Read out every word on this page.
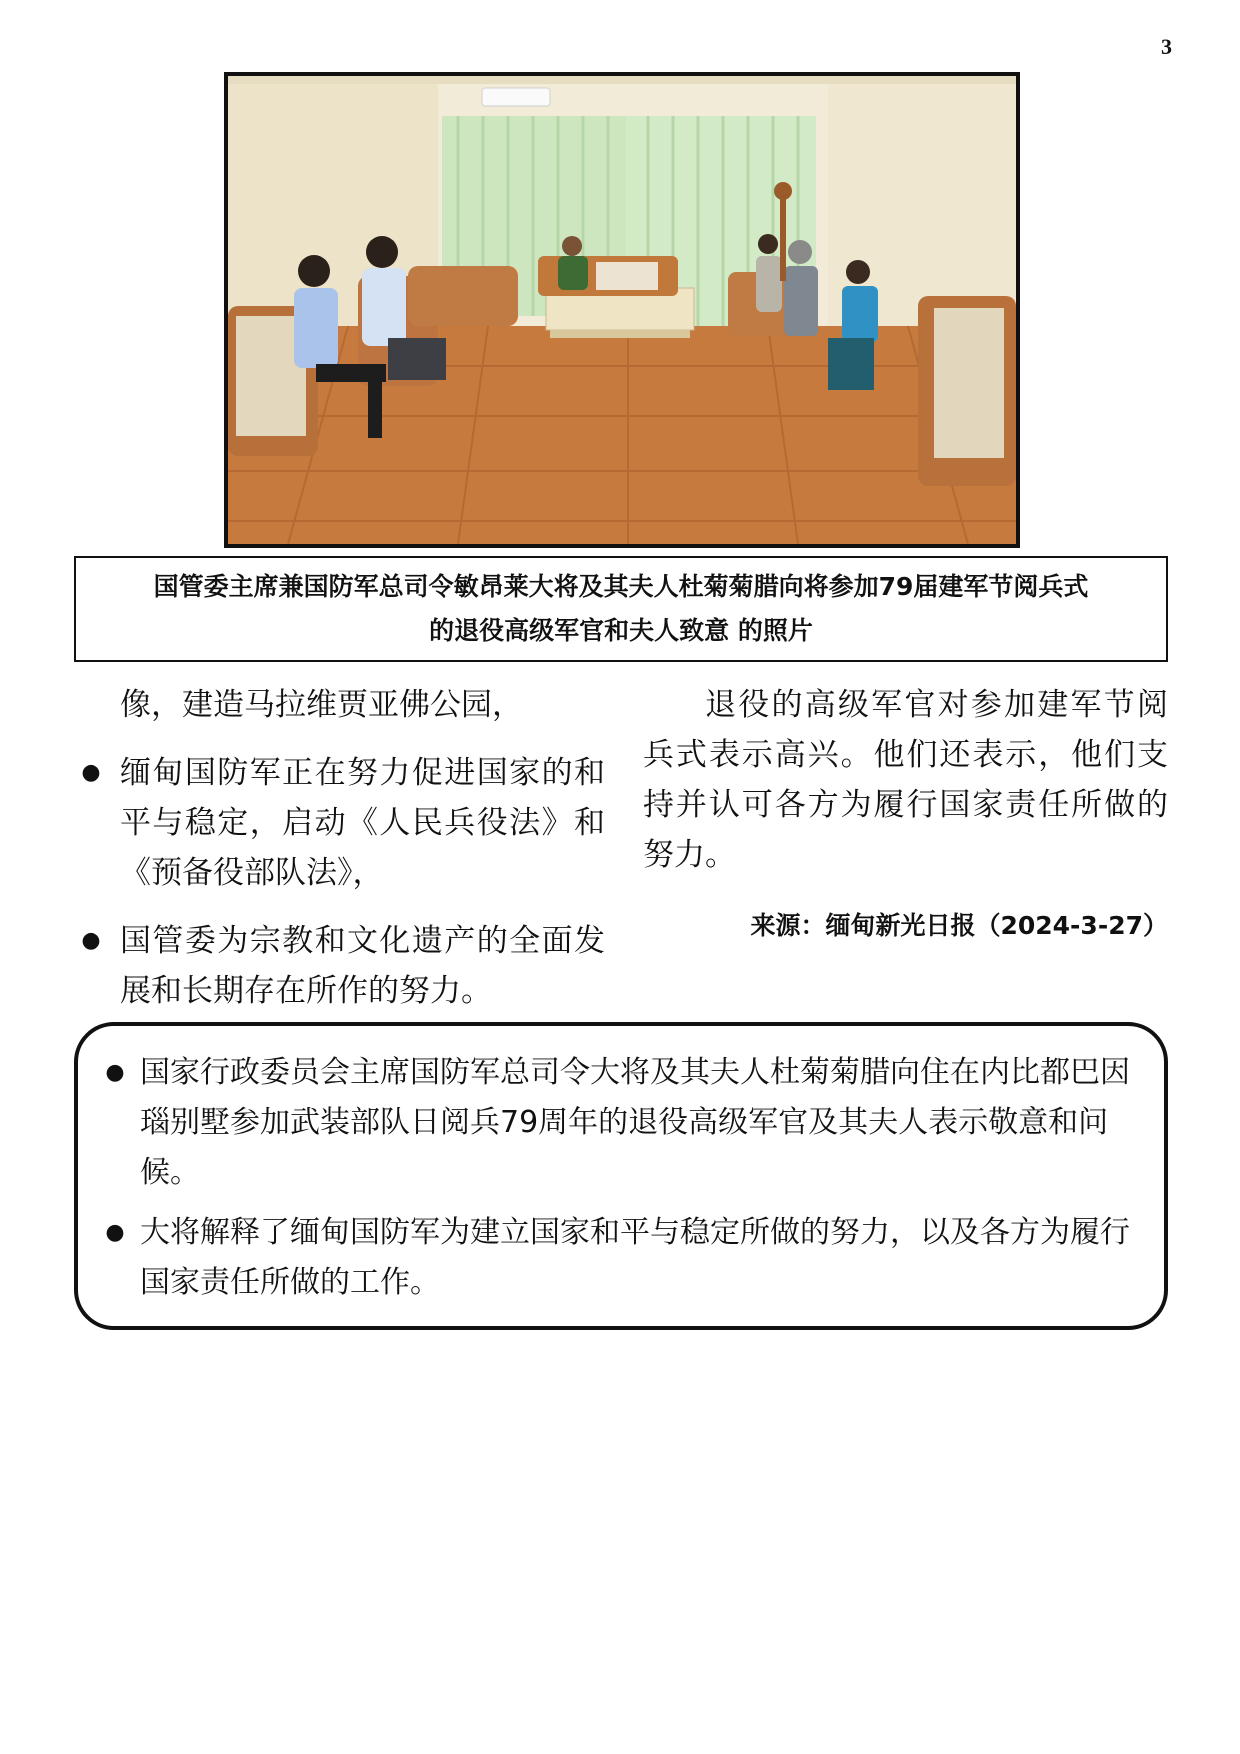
3
国管委主席兼国防军总司令敏昂莱大将及其夫人杜菊菊腊向将参加79届建军节阅兵式
的退役高级军官和夫人致意 的照片

像，建造马拉维贾亚佛公园，

● 缅甸国防军正在努力促进国家的和平与稳定，启动《人民兵役法》和《预备役部队法》，

● 国管委为宗教和文化遗产的全面发展和长期存在所作的努力。

退役的高级军官对参加建军节阅兵式表示高兴。他们还表示，他们支持并认可各方为履行国家责任所做的努力。

来源：缅甸新光日报（2024-3-27）

● 国家行政委员会主席国防军总司令大将及其夫人杜菊菊腊向住在内比都巴因瑙别墅参加武装部队日阅兵79周年的退役高级军官及其夫人表示敬意和问候。
● 大将解释了缅甸国防军为建立国家和平与稳定所做的努力，以及各方为履行国家责任所做的工作。
